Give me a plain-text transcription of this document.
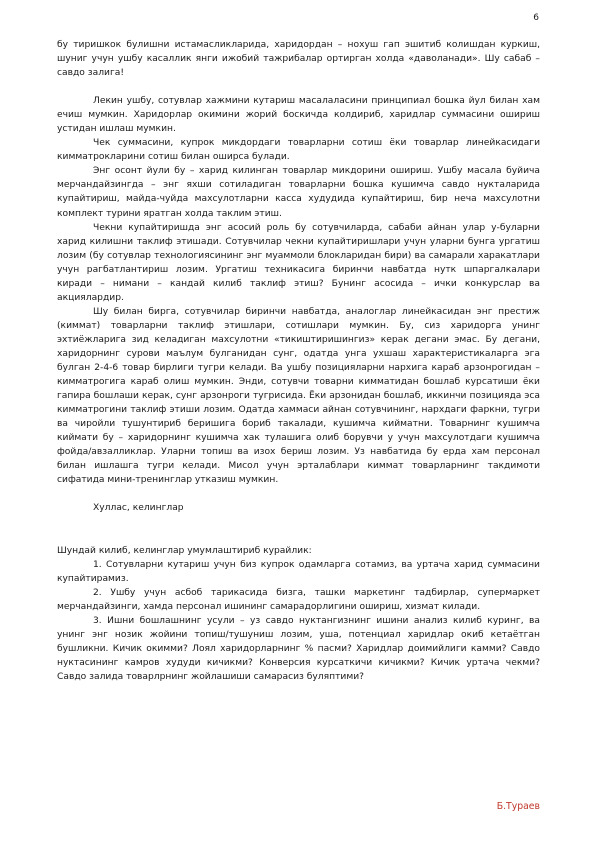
6

бу тиришкок булишни истамасликларида, харидордан – нохуш гап эшитиб колишдан куркиш, шуниг учун ушбу касаллик янги ижобий тажрибалар ортирган холда «даволанади». Шу сабаб – савдо залига!

Лекин ушбу, сотувлар хажмини кутариш масалаласини принципиал бошка йул билан хам ечиш мумкин. Харидорлар окимини жорий боскичда колдириб, харидлар суммасини ошириш устидан ишлаш мумкин.

Чек суммасини, купрок микдордаги товарларни сотиш ёки товарлар линейкасидаги кимматрокларини сотиш билан оширса булади.

Энг осонт йули бу – харид килинган товарлар микдорини ошириш. Ушбу масала буйича мерчандайзингда – энг яхши сотиладиган товарларни бошка кушимча савдо нукталарида купайтириш, майда-чуйда махсулотларни касса худудида купайтириш, бир неча махсулотни комплект турини яратган холда таклим этиш.

Чекни купайтиришда энг асосий роль бу сотувчиларда, сабаби айнан улар у-буларни харид килишни таклиф этишади. Сотувчилар чекни купайтиришлари учун уларни бунга ургатиш лозим (бу сотувлар технологиясининг энг муаммоли блокларидан бири) ва самарали харакатлари учун рагбатлантириш лозим. Ургатиш техникасига биринчи навбатда нутк шпаргалкалари киради – нимани – кандай килиб таклиф этиш? Бунинг асосида – ички конкурслар ва акциялардир.

Шу билан бирга, сотувчилар биринчи навбатда, аналоглар линейкасидан энг престиж (киммат) товарларни таклиф этишлари, сотишлари мумкин. Бу, сиз харидорга унинг эхтиёжларига зид келадиган махсулотни «тикиштиришингиз» керак дегани эмас. Бу дегани, харидорнинг сурови маълум булганидан сунг, одатда унга ухшаш характеристикаларга эга булган 2-4-6 товар бирлиги тугри келади. Ва ушбу позицияларни нархига караб арзонрогидан – кимматрогига караб олиш мумкин. Энди, сотувчи товарни кимматидан бошлаб курсатиши ёки гапира бошлаши керак, сунг арзонроги тугрисида. Ёки арзонидан бошлаб, иккинчи позицияда эса кимматрогини таклиф этиши лозим. Одатда хаммаси айнан сотувчининг, нархдаги фаркни, тугри ва чиройли тушунтириб беришига бориб такалади, кушимча кийматни. Товарнинг кушимча киймати бу – харидорнинг кушимча хак тулашига олиб борувчи у учун махсулотдаги кушимча фойда/авзалликлар. Уларни топиш ва изох бериш лозим. Уз навбатида бу ерда хам персонал билан ишлашга тугри келади. Мисол учун эрталаблари киммат товарларнинг такдимоти сифатида мини-тренинглар утказиш мумкин.

Хуллас, келинглар

Шундай килиб, келинглар умумлаштириб курайлик:

1. Сотувларни кутариш учун биз купрок одамларга сотамиз, ва уртача харид суммасини купайтирамиз.

2. Ушбу учун асбоб тарикасида бизга, ташки маркетинг тадбирлар, супермаркет мерчандайзинги, хамда персонал ишининг самарадорлигини ошириш, хизмат килади.

3. Ишни бошлашнинг усули – уз савдо нуктангизнинг ишини анализ килиб куринг, ва унинг энг нозик жойини топиш/тушуниш лозим, уша, потенциал харидлар окиб кетаётган бушликни. Кичик окимми? Лоял харидорларнинг % пасми? Харидлар доимийлиги камми? Савдо нуктасининг камров худуди кичикми? Конверсия курсаткичи кичикми? Кичик уртача чекми? Савдо залида товарлрнинг жойлашиши самарасиз буляптими?

Б.Тураев
